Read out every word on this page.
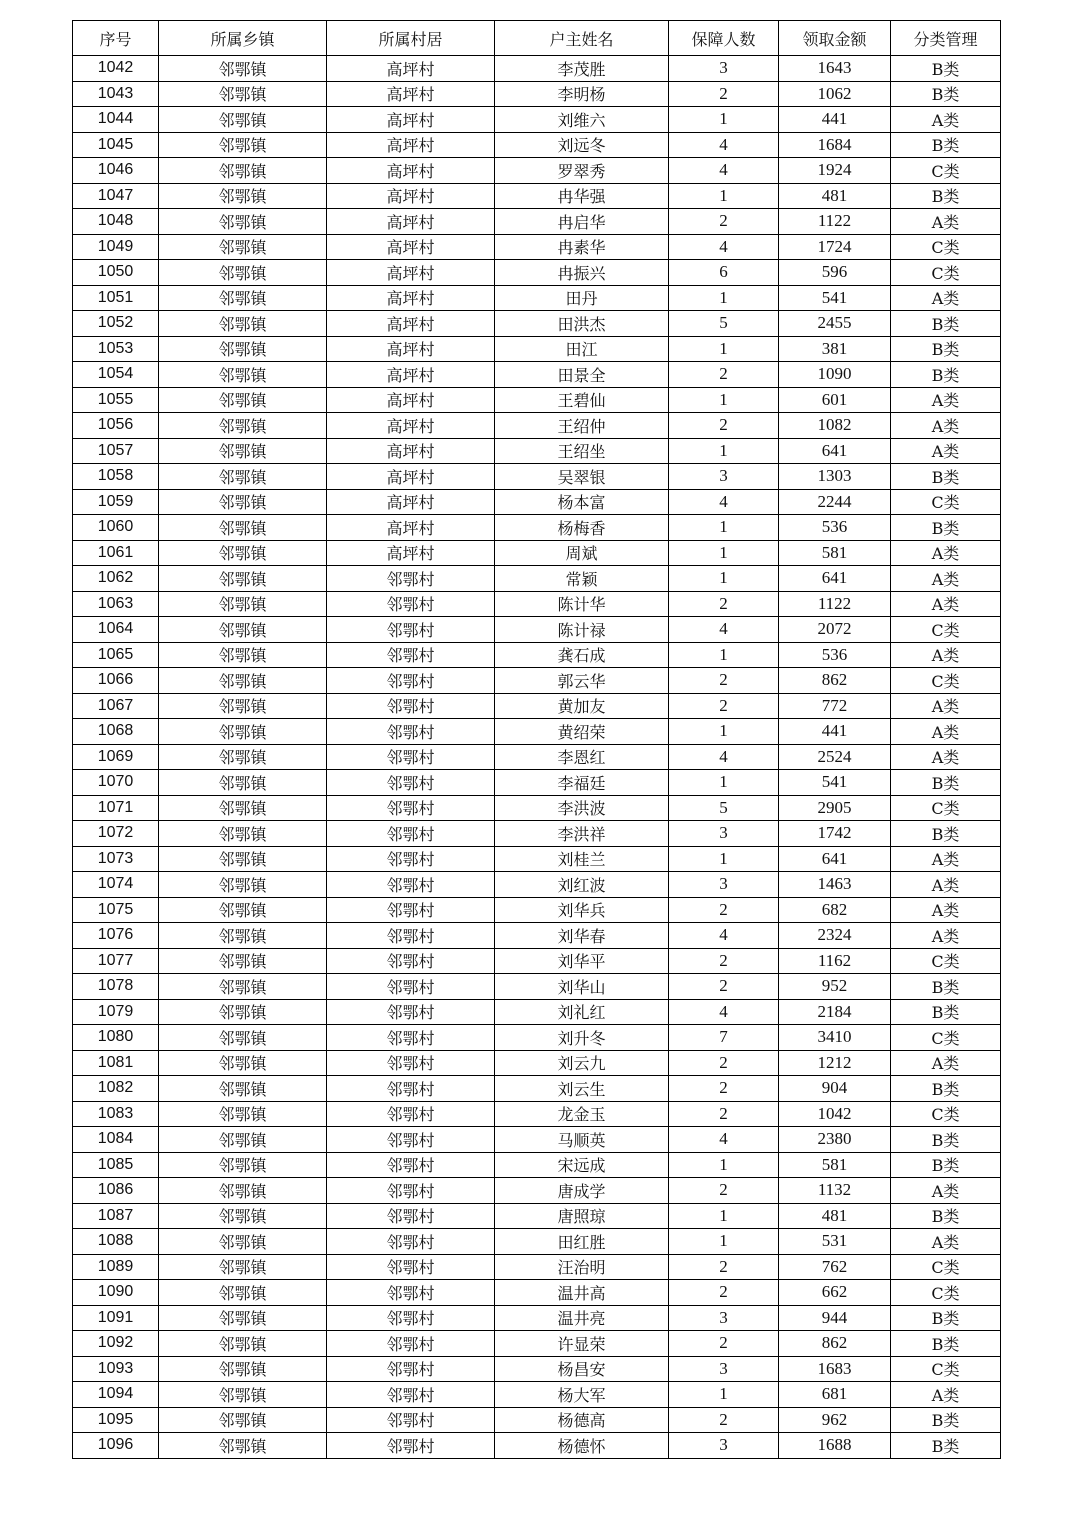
序号	所属乡镇	所属村居	户主姓名	保障人数	领取金额	分类管理
1042	邻鄂镇	高坪村	李茂胜	3	1643	B类
1043	邻鄂镇	高坪村	李明杨	2	1062	B类
1044	邻鄂镇	高坪村	刘维六	1	441	A类
1045	邻鄂镇	高坪村	刘远冬	4	1684	B类
1046	邻鄂镇	高坪村	罗翠秀	4	1924	C类
1047	邻鄂镇	高坪村	冉华强	1	481	B类
1048	邻鄂镇	高坪村	冉启华	2	1122	A类
1049	邻鄂镇	高坪村	冉素华	4	1724	C类
1050	邻鄂镇	高坪村	冉振兴	6	596	C类
1051	邻鄂镇	高坪村	田丹	1	541	A类
1052	邻鄂镇	高坪村	田洪杰	5	2455	B类
1053	邻鄂镇	高坪村	田江	1	381	B类
1054	邻鄂镇	高坪村	田景全	2	1090	B类
1055	邻鄂镇	高坪村	王碧仙	1	601	A类
1056	邻鄂镇	高坪村	王绍仲	2	1082	A类
1057	邻鄂镇	高坪村	王绍坐	1	641	A类
1058	邻鄂镇	高坪村	吴翠银	3	1303	B类
1059	邻鄂镇	高坪村	杨本富	4	2244	C类
1060	邻鄂镇	高坪村	杨梅香	1	536	B类
1061	邻鄂镇	高坪村	周斌	1	581	A类
1062	邻鄂镇	邻鄂村	常颖	1	641	A类
1063	邻鄂镇	邻鄂村	陈计华	2	1122	A类
1064	邻鄂镇	邻鄂村	陈计禄	4	2072	C类
1065	邻鄂镇	邻鄂村	龚石成	1	536	A类
1066	邻鄂镇	邻鄂村	郭云华	2	862	C类
1067	邻鄂镇	邻鄂村	黄加友	2	772	A类
1068	邻鄂镇	邻鄂村	黄绍荣	1	441	A类
1069	邻鄂镇	邻鄂村	李恩红	4	2524	A类
1070	邻鄂镇	邻鄂村	李福廷	1	541	B类
1071	邻鄂镇	邻鄂村	李洪波	5	2905	C类
1072	邻鄂镇	邻鄂村	李洪祥	3	1742	B类
1073	邻鄂镇	邻鄂村	刘桂兰	1	641	A类
1074	邻鄂镇	邻鄂村	刘红波	3	1463	A类
1075	邻鄂镇	邻鄂村	刘华兵	2	682	A类
1076	邻鄂镇	邻鄂村	刘华春	4	2324	A类
1077	邻鄂镇	邻鄂村	刘华平	2	1162	C类
1078	邻鄂镇	邻鄂村	刘华山	2	952	B类
1079	邻鄂镇	邻鄂村	刘礼红	4	2184	B类
1080	邻鄂镇	邻鄂村	刘升冬	7	3410	C类
1081	邻鄂镇	邻鄂村	刘云九	2	1212	A类
1082	邻鄂镇	邻鄂村	刘云生	2	904	B类
1083	邻鄂镇	邻鄂村	龙金玉	2	1042	C类
1084	邻鄂镇	邻鄂村	马顺英	4	2380	B类
1085	邻鄂镇	邻鄂村	宋远成	1	581	B类
1086	邻鄂镇	邻鄂村	唐成学	2	1132	A类
1087	邻鄂镇	邻鄂村	唐照琼	1	481	B类
1088	邻鄂镇	邻鄂村	田红胜	1	531	A类
1089	邻鄂镇	邻鄂村	汪治明	2	762	C类
1090	邻鄂镇	邻鄂村	温井高	2	662	C类
1091	邻鄂镇	邻鄂村	温井亮	3	944	B类
1092	邻鄂镇	邻鄂村	许显荣	2	862	B类
1093	邻鄂镇	邻鄂村	杨昌安	3	1683	C类
1094	邻鄂镇	邻鄂村	杨大军	1	681	A类
1095	邻鄂镇	邻鄂村	杨德高	2	962	B类
1096	邻鄂镇	邻鄂村	杨德怀	3	1688	B类
